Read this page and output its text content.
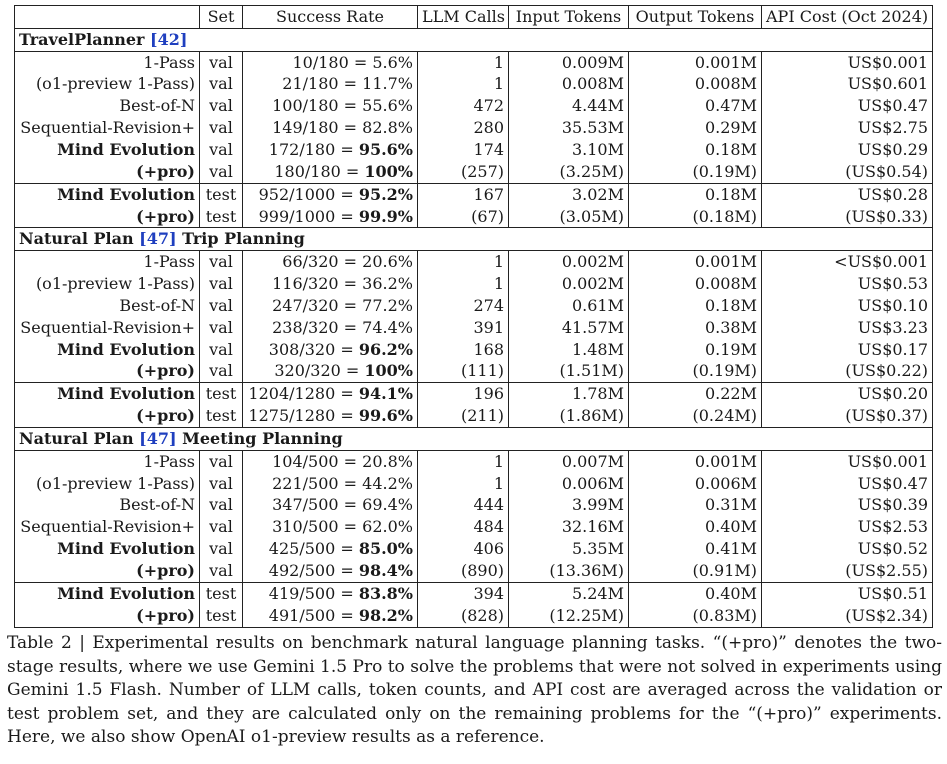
	Set	Success Rate	LLM Calls	Input Tokens	Output Tokens	API Cost (Oct 2024)
TravelPlanner [42]						
1-Pass	val	10/180 = 5.6%	1	0.009M	0.001M	US$0.001
(o1-preview 1-Pass)	val	21/180 = 11.7%	1	0.008M	0.008M	US$0.601
Best-of-N	val	100/180 = 55.6%	472	4.44M	0.47M	US$0.47
Sequential-Revision+	val	149/180 = 82.8%	280	35.53M	0.29M	US$2.75
Mind Evolution	val	172/180 = 95.6%	174	3.10M	0.18M	US$0.29
(+pro)	val	180/180 = 100%	(257)	(3.25M)	(0.19M)	(US$0.54)
Mind Evolution	test	952/1000 = 95.2%	167	3.02M	0.18M	US$0.28
(+pro)	test	999/1000 = 99.9%	(67)	(3.05M)	(0.18M)	(US$0.33)
Natural Plan [47] Trip Planning						
1-Pass	val	66/320 = 20.6%	1	0.002M	0.001M	<US$0.001
(o1-preview 1-Pass)	val	116/320 = 36.2%	1	0.002M	0.008M	US$0.53
Best-of-N	val	247/320 = 77.2%	274	0.61M	0.18M	US$0.10
Sequential-Revision+	val	238/320 = 74.4%	391	41.57M	0.38M	US$3.23
Mind Evolution	val	308/320 = 96.2%	168	1.48M	0.19M	US$0.17
(+pro)	val	320/320 = 100%	(111)	(1.51M)	(0.19M)	(US$0.22)
Mind Evolution	test	1204/1280 = 94.1%	196	1.78M	0.22M	US$0.20
(+pro)	test	1275/1280 = 99.6%	(211)	(1.86M)	(0.24M)	(US$0.37)
Natural Plan [47] Meeting Planning						
1-Pass	val	104/500 = 20.8%	1	0.007M	0.001M	US$0.001
(o1-preview 1-Pass)	val	221/500 = 44.2%	1	0.006M	0.006M	US$0.47
Best-of-N	val	347/500 = 69.4%	444	3.99M	0.31M	US$0.39
Sequential-Revision+	val	310/500 = 62.0%	484	32.16M	0.40M	US$2.53
Mind Evolution	val	425/500 = 85.0%	406	5.35M	0.41M	US$0.52
(+pro)	val	492/500 = 98.4%	(890)	(13.36M)	(0.91M)	(US$2.55)
Mind Evolution	test	419/500 = 83.8%	394	5.24M	0.40M	US$0.51
(+pro)	test	491/500 = 98.2%	(828)	(12.25M)	(0.83M)	(US$2.34)
Table 2 | Experimental results on benchmark natural language planning tasks. “(+pro)” denotes the two-stage results, where we use Gemini 1.5 Pro to solve the problems that were not solved in experiments using Gemini 1.5 Flash. Number of LLM calls, token counts, and API cost are averaged across the validation or test problem set, and they are calculated only on the remaining problems for the “(+pro)” experiments. Here, we also show OpenAI o1-preview results as a reference.
